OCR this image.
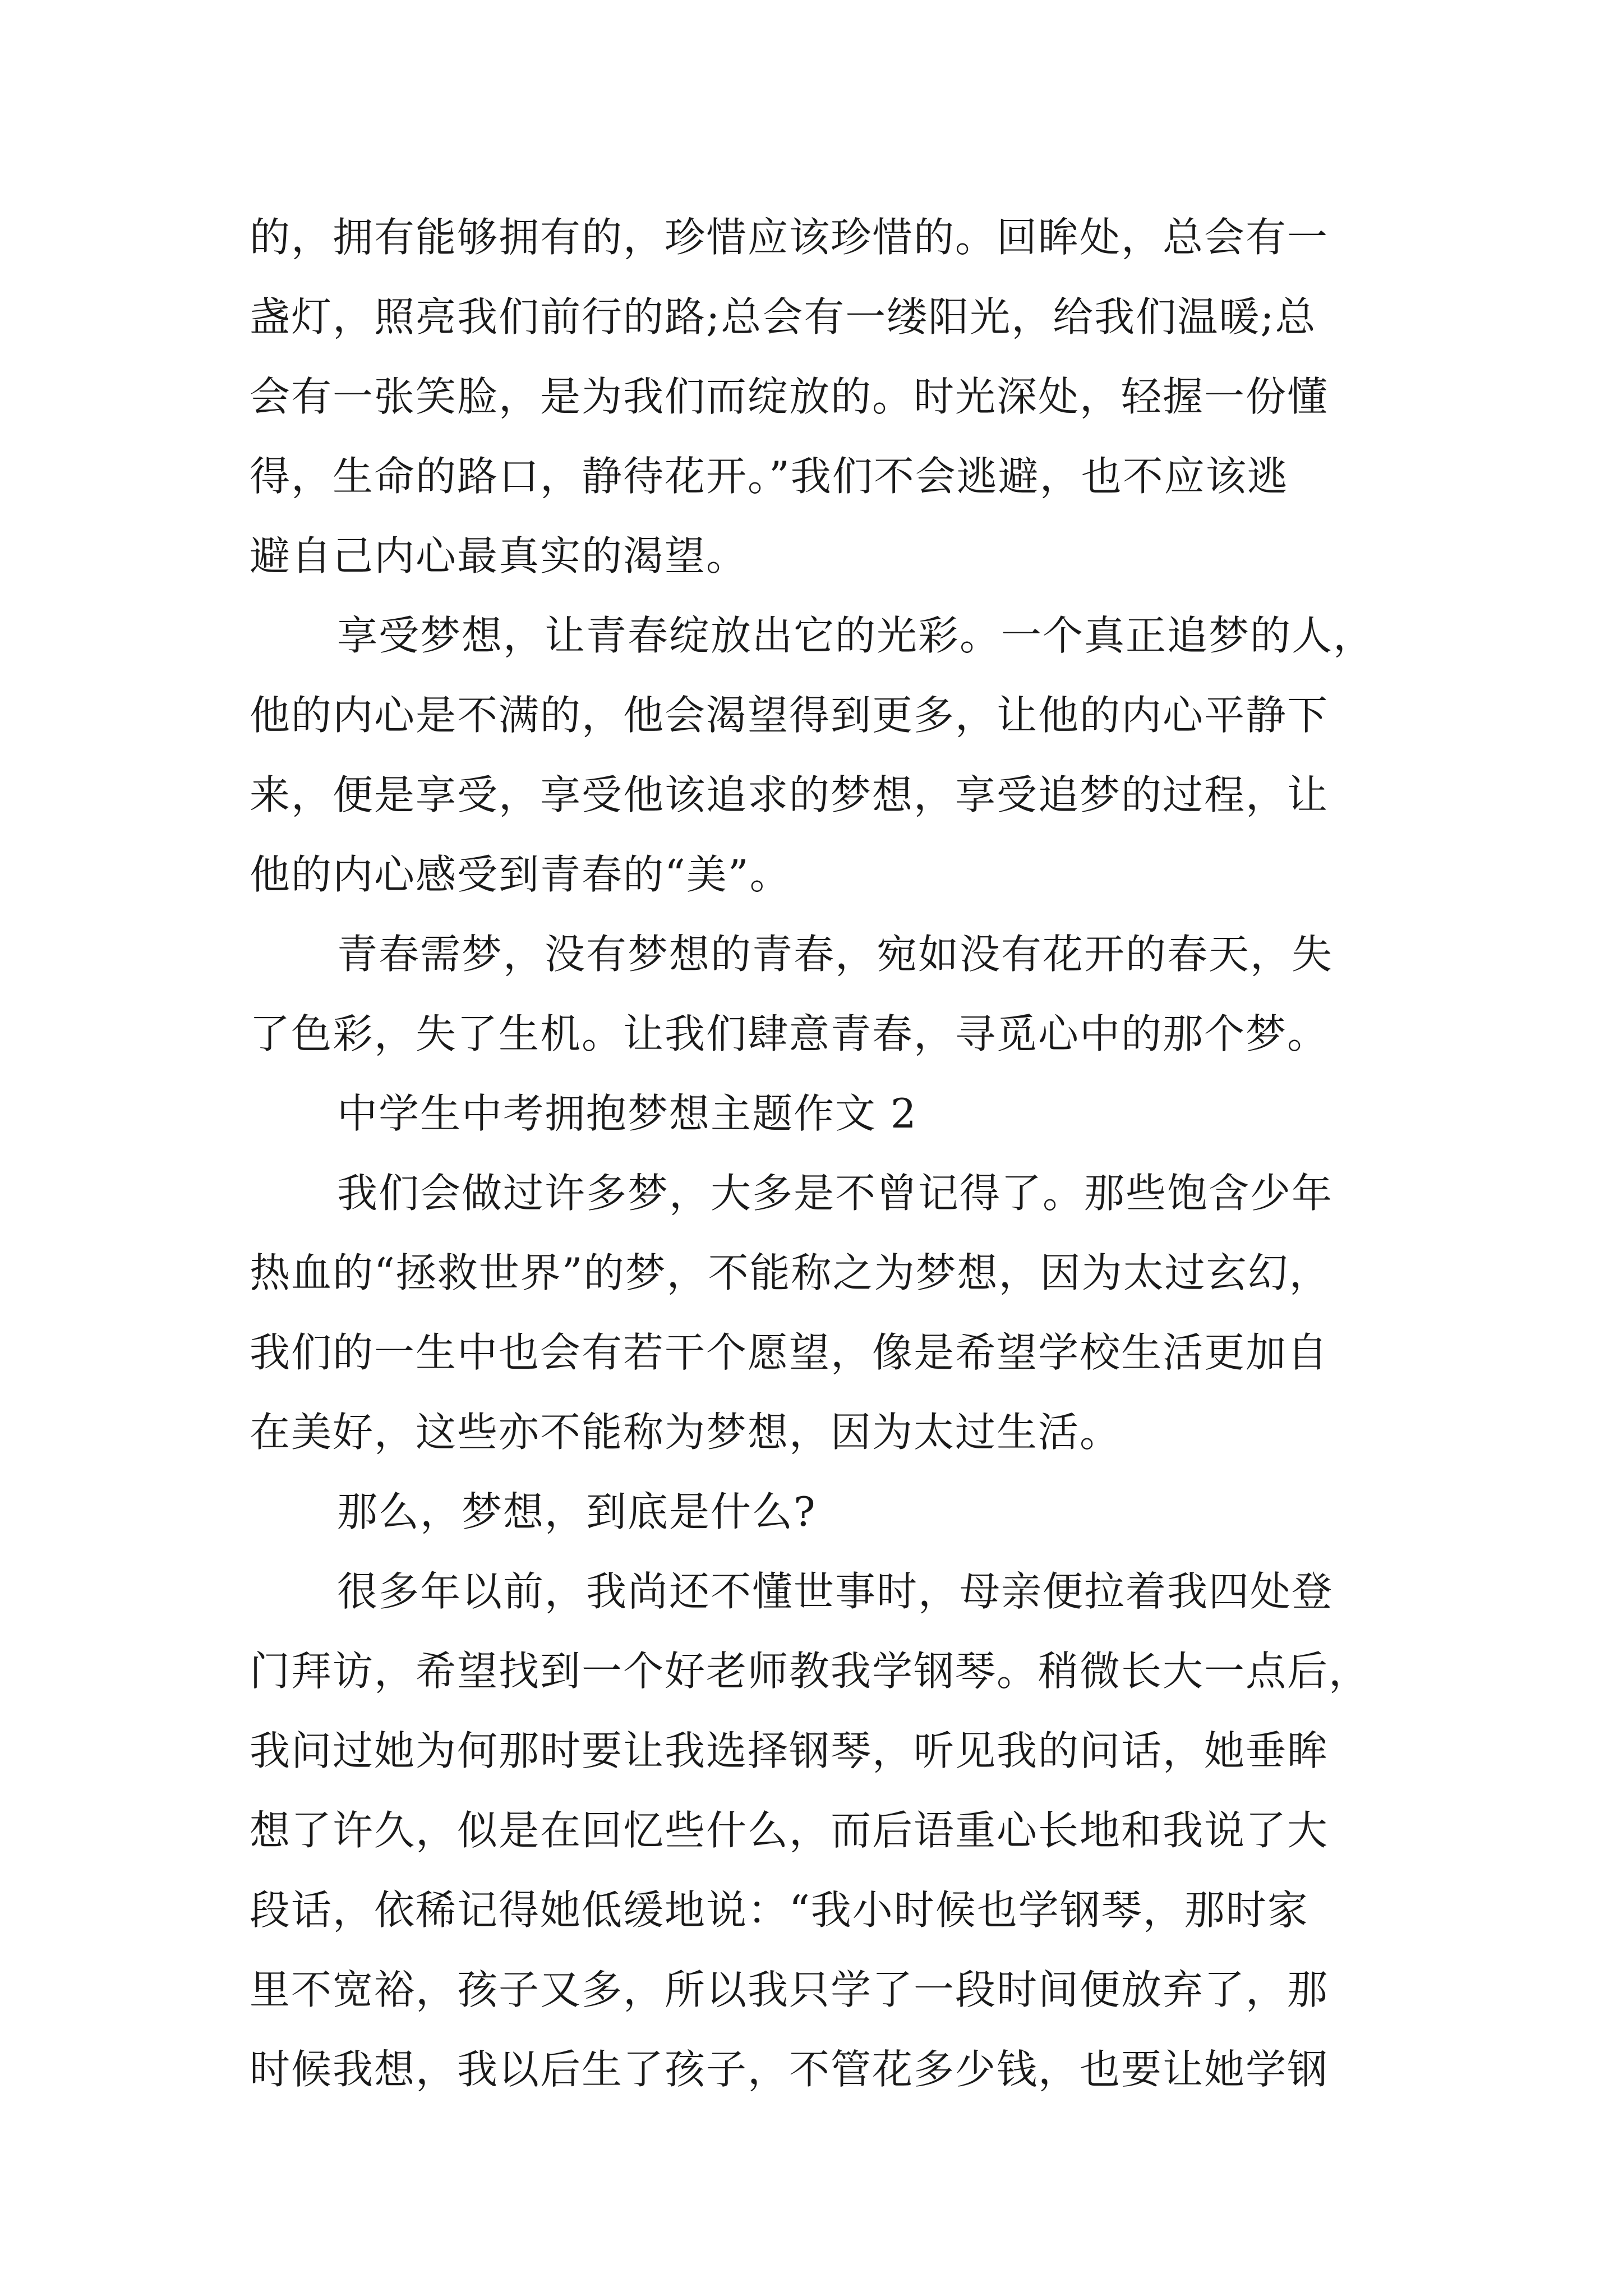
的，拥有能够拥有的，珍惜应该珍惜的。回眸处，总会有一
盏灯，照亮我们前行的路;总会有一缕阳光，给我们温暖;总
会有一张笑脸，是为我们而绽放的。时光深处，轻握一份懂
得，生命的路口，静待花开。”我们不会逃避，也不应该逃
避自己内心最真实的渴望。
享受梦想，让青春绽放出它的光彩。一个真正追梦的人，
他的内心是不满的，他会渴望得到更多，让他的内心平静下
来，便是享受，享受他该追求的梦想，享受追梦的过程，让
他的内心感受到青春的“美”。
青春需梦，没有梦想的青春，宛如没有花开的春天，失
了色彩，失了生机。让我们肆意青春，寻觅心中的那个梦。
中学生中考拥抱梦想主题作文 2
我们会做过许多梦，大多是不曾记得了。那些饱含少年
热血的“拯救世界”的梦，不能称之为梦想，因为太过玄幻，
我们的一生中也会有若干个愿望，像是希望学校生活更加自
在美好，这些亦不能称为梦想，因为太过生活。
那么，梦想，到底是什么?
很多年以前，我尚还不懂世事时，母亲便拉着我四处登
门拜访，希望找到一个好老师教我学钢琴。稍微长大一点后，
我问过她为何那时要让我选择钢琴，听见我的问话，她垂眸
想了许久，似是在回忆些什么，而后语重心长地和我说了大
段话，依稀记得她低缓地说：“我小时候也学钢琴，那时家
里不宽裕，孩子又多，所以我只学了一段时间便放弃了，那
时候我想，我以后生了孩子，不管花多少钱，也要让她学钢
